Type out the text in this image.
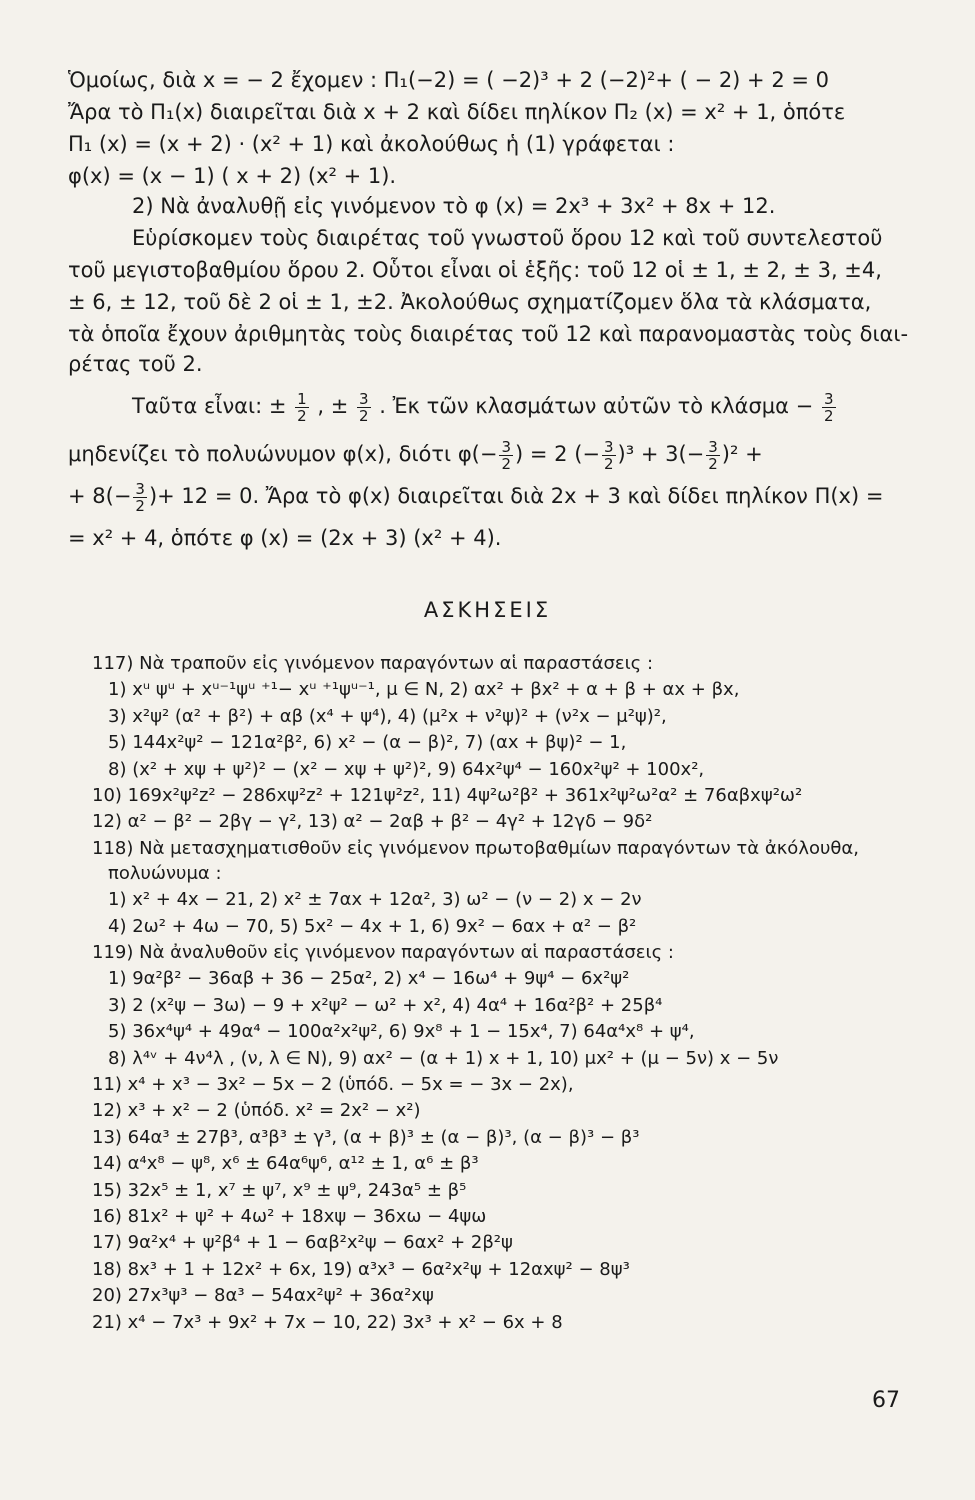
Ὁμοίως, διὰ x = − 2 ἔχομεν : Π₁(−2) = ( −2)³ + 2 (−2)²+ ( − 2) + 2 = 0
Ἄρα τὸ Π₁(x) διαιρεῖται διὰ x + 2 καὶ δίδει πηλίκον Π₂ (x) = x² + 1, ὁπότε
Π₁ (x) = (x + 2) · (x² + 1) καὶ ἀκολούθως ἡ (1) γράφεται :
φ(x) = (x − 1) ( x + 2) (x² + 1).
2) Νὰ ἀναλυθῇ εἰς γινόμενον τὸ φ (x) = 2x³ + 3x² + 8x + 12.
Εὑρίσκομεν τοὺς διαιρέτας τοῦ γνωστοῦ ὅρου 12 καὶ τοῦ συντελεστοῦ
τοῦ μεγιστοβαθμίου ὅρου 2. Οὗτοι εἶναι οἱ ἑξῆς: τοῦ 12 οἱ ± 1, ± 2, ± 3, ±4,
± 6, ± 12, τοῦ δὲ 2 οἱ ± 1, ±2. Ἀκολούθως σχηματίζομεν ὅλα τὰ κλάσματα,
τὰ ὁποῖα ἔχουν ἀριθμητὰς τοὺς διαιρέτας τοῦ 12 καὶ παρανομαστὰς τοὺς διαι-
ρέτας τοῦ 2.
Ταῦτα εἶναι: ± $\frac{1}{2}$ , ± $\frac{3}{2}$ . Ἐκ τῶν κλασμάτων αὐτῶν τὸ $\kappa\lambda ά\sigma\mu\alpha - \frac{3}{2}$
μηδενίζει τὸ πολυώνυμον φ(x), διότι $\varphi(- \frac{3}{2}$ ) = 2 (− $\frac{3}{2} )^3 + 3(- \frac{3}{2} )^2$ +
+ $8(- \frac{3}{2}$ )+ 12 = 0. Ἄρα τὸ φ(x) διαιρεῖται διὰ 2x + 3 καὶ δίδει πηλίκον Π(x) =
= x² + 4, ὁπότε φ (x) = (2x + 3) (x² + 4).
ΑΣΚΗΣΕΙΣ
117) Νὰ τραποῦν εἰς γινόμενον παραγόντων αἱ παραστάσεις :
1) xᵘ ψᵘ + xᵘ⁻¹ψᵘ ⁺¹− xᵘ ⁺¹ψᵘ⁻¹, μ ∈ N, 2) αx² + βx² + α + β + αx + βx,
3) x²ψ² (α² + β²) + αβ (x⁴ + ψ⁴), 4) (μ²x + ν²ψ)² + (ν²x − μ²ψ)²,
5) 144x²ψ² − 121α²β², 6) x² − (α − β)², 7) (αx + βψ)² − 1,
8) (x² + xψ + ψ²)² − (x² − xψ + ψ²)², 9) 64x²ψ⁴ − 160x²ψ² + 100x²,
10) 169x²ψ²z² − 286xψ²z² + 121ψ²z², 11) 4ψ²ω²β² + 361x²ψ²ω²α² ± 76αβxψ²ω²
12) α² − β² − 2βγ − γ², 13) α² − 2αβ + β² − 4γ² + 12γδ − 9δ²
118) Νὰ μετασχηματισθοῦν εἰς γινόμενον πρωτοβαθμίων παραγόντων τὰ ἀκόλουθα,
πολυώνυμα :
1) x² + 4x − 21, 2) x² ± 7αx + 12α², 3) ω² − (ν − 2) x − 2ν
4) 2ω² + 4ω − 70, 5) 5x² − 4x + 1, 6) 9x² − 6αx + α² − β²
119) Νὰ ἀναλυθοῦν εἰς γινόμενον παραγόντων αἱ παραστάσεις :
1) 9α²β² − 36αβ + 36 − 25α², 2) x⁴ − 16ω⁴ + 9ψ⁴ − 6x²ψ²
3) 2 (x²ψ − 3ω) − 9 + x²ψ² − ω² + x², 4) 4α⁴ + 16α²β² + 25β⁴
5) 36x⁴ψ⁴ + 49α⁴ − 100α²x²ψ², 6) 9x⁸ + 1 − 15x⁴, 7) 64α⁴x⁸ + ψ⁴,
8) λ⁴ᵛ + 4ν⁴λ , (ν, λ ∈ N), 9) αx² − (α + 1) x + 1, 10) μx² + (μ − 5ν) x − 5ν
11) x⁴ + x³ − 3x² − 5x − 2 (ὑπόδ. − 5x = − 3x − 2x),
12) x³ + x² − 2 (ὑπόδ. x² = 2x² − x²)
13) 64α³ ± 27β³, α³β³ ± γ³, (α + β)³ ± (α − β)³, (α − β)³ − β³
14) α⁴x⁸ − ψ⁸, x⁶ ± 64α⁶ψ⁶, α¹² ± 1, α⁶ ± β³
15) 32x⁵ ± 1, x⁷ ± ψ⁷, x⁹ ± ψ⁹, 243α⁵ ± β⁵
16) 81x² + ψ² + 4ω² + 18xψ − 36xω − 4ψω
17) 9α²x⁴ + ψ²β⁴ + 1 − 6αβ²x²ψ − 6αx² + 2β²ψ
18) 8x³ + 1 + 12x² + 6x, 19) α³x³ − 6α²x²ψ + 12αxψ² − 8ψ³
20) 27x³ψ³ − 8α³ − 54αx²ψ² + 36α²xψ
21) x⁴ − 7x³ + 9x² + 7x − 10, 22) 3x³ + x² − 6x + 8
67
